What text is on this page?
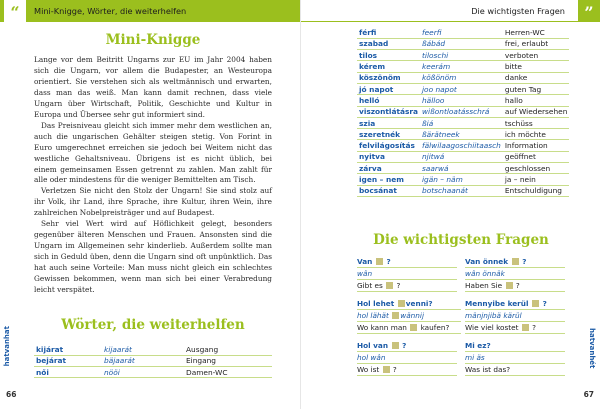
Mini-Knigge, Wörter, die weiterhelfen
“
Mini-Knigge

Lange vor dem Beitritt Ungarns zur EU im Jahr 2004 haben sich die Ungarn, vor allem die Budapester, an Westeuropa orientiert. Sie verstehen sich als weltmännisch und erwarten, dass man das weiß. Man kann damit rechnen, dass viele Ungarn über Wirtschaft, Politik, Geschichte und Kultur in Europa und Übersee sehr gut informiert sind.

Das Preisniveau gleicht sich immer mehr dem westlichen an, auch die ungarischen Gehälter steigen stetig. Von Forint in Euro umgerechnet erreichen sie jedoch bei Weitem nicht das westliche Gehaltsniveau. Übrigens ist es nicht üblich, bei einem gemeinsamen Essen getrennt zu zahlen. Man zahlt für alle oder mindestens für die weniger Bemittelten am Tisch.

Verletzen Sie nicht den Stolz der Ungarn! Sie sind stolz auf ihr Volk, ihr Land, ihre Sprache, ihre Kultur, ihren Wein, ihre zahlreichen Nobelpreisträger und auf Budapest.

Sehr viel Wert wird auf Höflichkeit gelegt, besonders gegenüber älteren Menschen und Frauen. Ansonsten sind die Ungarn im Allgemeinen sehr kinderlieb. Außerdem sollte man sich in Geduld üben, denn die Ungarn sind oft unpünktlich. Das hat auch seine Vorteile: Man muss nicht gleich ein schlechtes Gewissen bekommen, wenn man sich bei einer Verabredung leicht verspätet.

Wörter, die weiterhelfen
kijárat	kijaarát	Ausgang
bejárat	bäjaarát	Eingang
női	nööi	Damen-WC
hatvanhat
66
Die wichtigsten Fragen	”
férfi	feerfi	Herren-WC
szabad	ßábád	frei, erlaubt
tilos	tiloschi	verboten
kérem	keerám	bitte
köszönöm	kößönöm	danke
jó napot	joo napot	guten Tag
helló	hälloo	hallo
viszontlátásra	wißontloatásschrá	auf Wiedersehen
szia	ßiá	tschüss
szeretnék	ßärätneek	ich möchte
felvilágosítás	fälwilaagoschiitaasch	Information
nyitva	njitwá	geöffnet
zárva	saarwá	geschlossen
igen – nem	igän – näm	ja – nein
bocsánat	botschaanát	Entschuldigung
Die wichtigsten Fragen
Van  ?
wân
Gibt es  ?
Van önnek  ?
wân önnäk
Haben Sie  ?
Hol lehet venni?
hol lähät wännij
Wo kann man kaufen?
Mennyibe kerül  ?
mänjnjibä kärül
Wie viel kostet  ?
Hol van  ?
hol wân
Wo ist  ?
Mi ez?
mi äs
Was ist das?
hatvanhét
67
